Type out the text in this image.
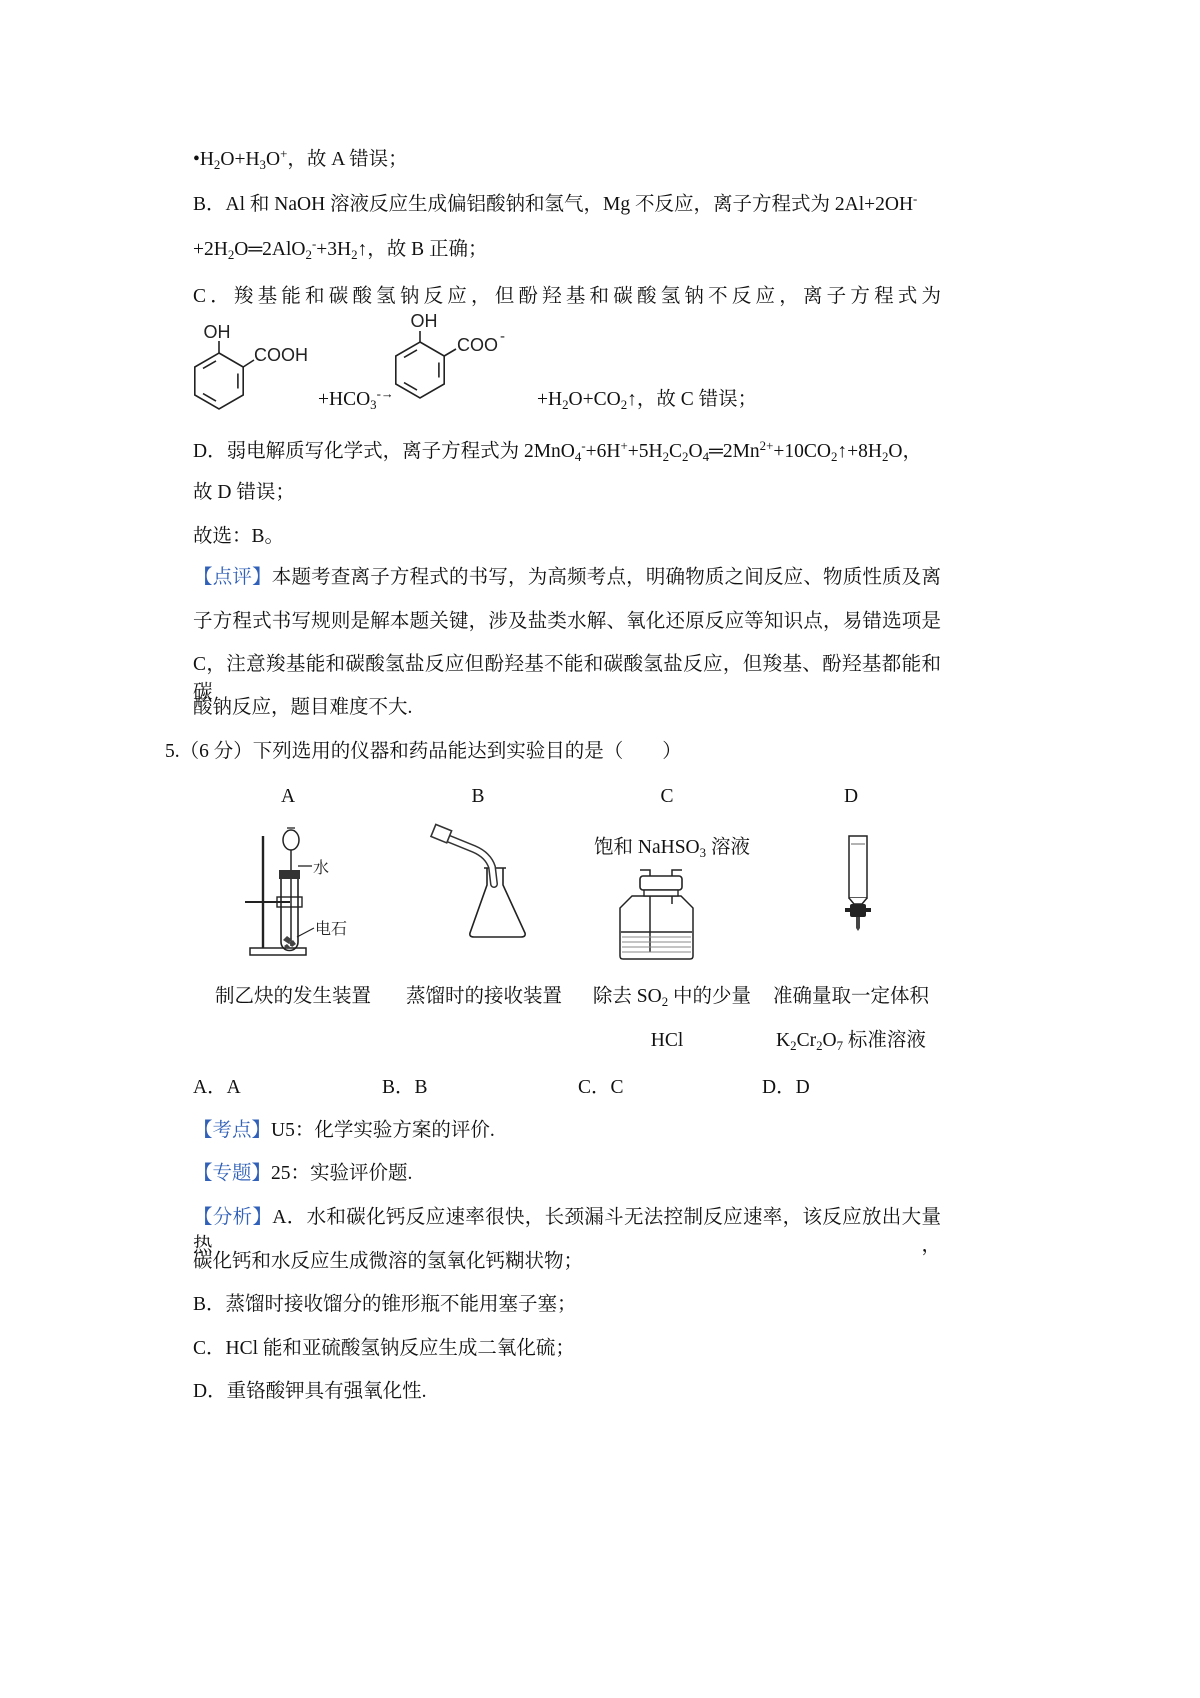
$•H_2O+H_3O^+$，故 A 错误；
B．Al 和 NaOH 溶液反应生成偏铝酸钠和氢气，Mg 不反应，离子方程式为 2Al+2OH-
$+2H_2O═2AlO_2^-+3H_2↑$，故 B 正确；
C．羧基能和碳酸氢钠反应，但酚羟基和碳酸氢钠不反应，离子方程式为
OH
COOH
$+HCO_3^{-\to}$
OH
COO -
$+H_2O+CO_2↑$，故 C 错误；
D．弱电解质写化学式，离子方程式为 $2MnO_4^-+6H^++5H_2C_2O_4═2Mn^{2+}+10CO_2↑+8H_2O$，
故 D 错误；
故选：B。
【点评】本题考查离子方程式的书写，为高频考点，明确物质之间反应、物质性质及离
子方程式书写规则是解本题关键，涉及盐类水解、氧化还原反应等知识点，易错选项是
C，注意羧基能和碳酸氢盐反应但酚羟基不能和碳酸氢盐反应，但羧基、酚羟基都能和碳
酸钠反应，题目难度不大.
5.（6 分）下列选用的仪器和药品能达到实验目的是（　　）
A	B	C	D
饱和 NaHSO$_3$ 溶液
水
电石
制乙炔的发生装置	蒸馏时的接收装置	除去 $SO_2$ 中的少量	准确量取一定体积
HCl	$K_2Cr_2O_7$ 标准溶液
A．A	B．B	C．C	D．D
【考点】U5：化学实验方案的评价.
【专题】25：实验评价题.
【分析】A．水和碳化钙反应速率很快，长颈漏斗无法控制反应速率，该反应放出大量热，
碳化钙和水反应生成微溶的氢氧化钙糊状物；
B．蒸馏时接收馏分的锥形瓶不能用塞子塞；
C．HCl 能和亚硫酸氢钠反应生成二氧化硫；
D．重铬酸钾具有强氧化性.
